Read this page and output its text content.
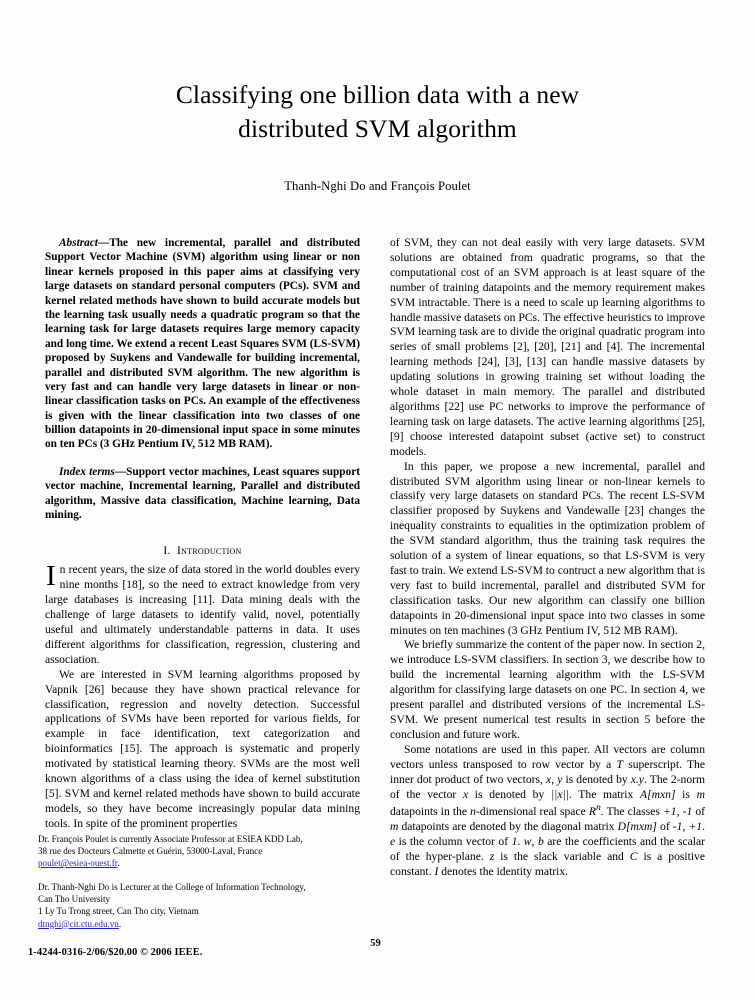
Classifying one billion data with a new distributed SVM algorithm
Thanh-Nghi Do and François Poulet

Abstract—The new incremental, parallel and distributed Support Vector Machine (SVM) algorithm using linear or non linear kernels proposed in this paper aims at classifying very large datasets on standard personal computers (PCs). SVM and kernel related methods have shown to build accurate models but the learning task usually needs a quadratic program so that the learning task for large datasets requires large memory capacity and long time. We extend a recent Least Squares SVM (LS-SVM) proposed by Suykens and Vandewalle for building incremental, parallel and distributed SVM algorithm. The new algorithm is very fast and can handle very large datasets in linear or non-linear classification tasks on PCs. An example of the effectiveness is given with the linear classification into two classes of one billion datapoints in 20-dimensional input space in some minutes on ten PCs (3 GHz Pentium IV, 512 MB RAM).

Index terms—Support vector machines, Least squares support vector machine, Incremental learning, Parallel and distributed algorithm, Massive data classification, Machine learning, Data mining.

I. Introduction

In recent years, the size of data stored in the world doubles every nine months [18], so the need to extract knowledge from very large databases is increasing [11]. Data mining deals with the challenge of large datasets to identify valid, novel, potentially useful and ultimately understandable patterns in data. It uses different algorithms for classification, regression, clustering and association.

We are interested in SVM learning algorithms proposed by Vapnik [26] because they have shown practical relevance for classification, regression and novelty detection. Successful applications of SVMs have been reported for various fields, for example in face identification, text categorization and bioinformatics [15]. The approach is systematic and properly motivated by statistical learning theory. SVMs are the most well known algorithms of a class using the idea of kernel substitution [5]. SVM and kernel related methods have shown to build accurate models, so they have become increasingly popular data mining tools. In spite of the prominent properties

of SVM, they can not deal easily with very large datasets. SVM solutions are obtained from quadratic programs, so that the computational cost of an SVM approach is at least square of the number of training datapoints and the memory requirement makes SVM intractable. There is a need to scale up learning algorithms to handle massive datasets on PCs. The effective heuristics to improve SVM learning task are to divide the original quadratic program into series of small problems [2], [20], [21] and [4]. The incremental learning methods [24], [3], [13] can handle massive datasets by updating solutions in growing training set without loading the whole dataset in main memory. The parallel and distributed algorithms [22] use PC networks to improve the performance of learning task on large datasets. The active learning algorithms [25], [9] choose interested datapoint subset (active set) to construct models.

In this paper, we propose a new incremental, parallel and distributed SVM algorithm using linear or non-linear kernels to classify very large datasets on standard PCs. The recent LS-SVM classifier proposed by Suykens and Vandewalle [23] changes the inequality constraints to equalities in the optimization problem of the SVM standard algorithm, thus the training task requires the solution of a system of linear equations, so that LS-SVM is very fast to train. We extend LS-SVM to contruct a new algorithm that is very fast to build incremental, parallel and distributed SVM for classification tasks. Our new algorithm can classify one billion datapoints in 20-dimensional input space into two classes in some minutes on ten machines (3 GHz Pentium IV, 512 MB RAM).

We briefly summarize the content of the paper now. In section 2, we introduce LS-SVM classifiers. In section 3, we describe how to build the incremental learning algorithm with the LS-SVM algorithm for classifying large datasets on one PC. In section 4, we present parallel and distributed versions of the incremental LS-SVM. We present numerical test results in section 5 before the conclusion and future work.

Some notations are used in this paper. All vectors are column vectors unless transposed to row vector by a T superscript. The inner dot product of two vectors, x, y is denoted by x.y. The 2-norm of the vector x is denoted by ||x||. The matrix A[mxn] is m datapoints in the n-dimensional real space $R^n$. The classes +1, -1 of m datapoints are denoted by the diagonal matrix D[mxm] of -1, +1. e is the column vector of 1. w, b are the coefficients and the scalar of the hyper-plane. z is the slack variable and C is a positive constant. I denotes the identity matrix.

Dr. François Poulet is currently Associate Professor at ESIEA KDD Lab,

38 rue des Docteurs Calmette et Guérin, 53000-Laval, France

poulet@esiea-ouest.fr.

Dr. Thanh-Nghi Do is Lecturer at the College of Information Technology,

Can Tho University

1 Ly Tu Trong street, Can Tho city, Vietnam

dtnghi@cit.ctu.edu.vn.

59
1-4244-0316-2/06/$20.00 © 2006 IEEE.
